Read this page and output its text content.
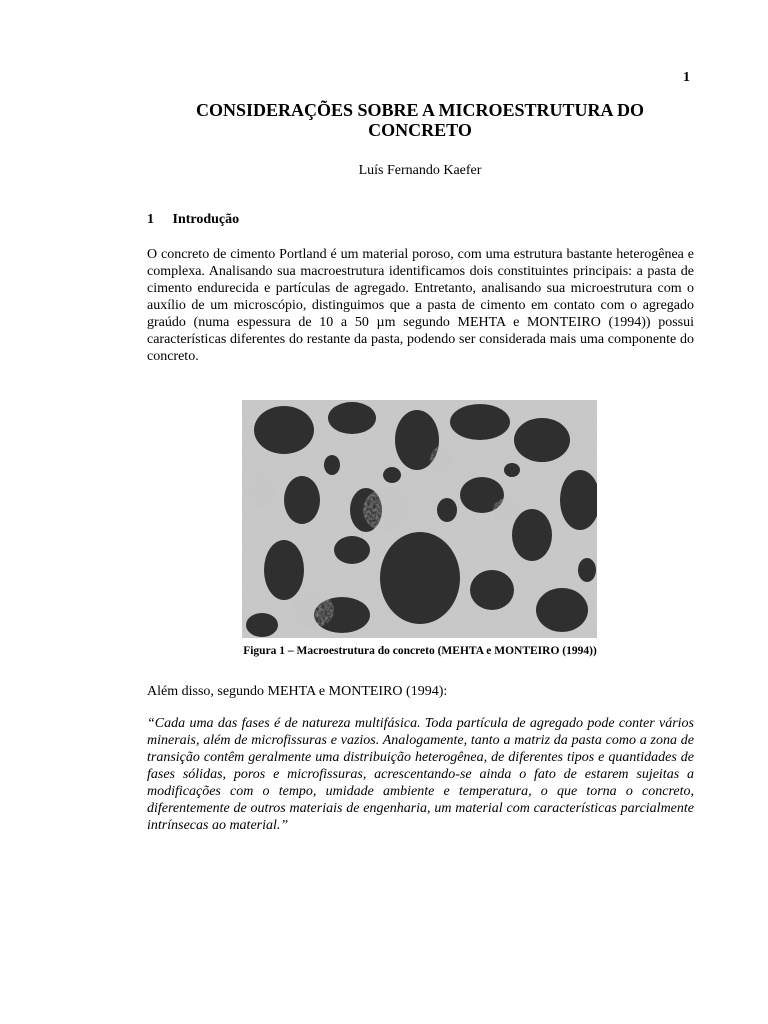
1
CONSIDERAÇÕES SOBRE A MICROESTRUTURA DO CONCRETO
Luís Fernando Kaefer
1 Introdução

O concreto de cimento Portland é um material poroso, com uma estrutura bastante heterogênea e complexa. Analisando sua macroestrutura identificamos dois constituintes principais: a pasta de cimento endurecida e partículas de agregado. Entretanto, analisando sua microestrutura com o auxílio de um microscópio, distinguimos que a pasta de cimento em contato com o agregado graúdo (numa espessura de 10 a 50 µm segundo MEHTA e MONTEIRO (1994)) possui características diferentes do restante da pasta, podendo ser considerada mais uma componente do concreto.

Figura 1 – Macroestrutura do concreto (MEHTA e MONTEIRO (1994))

Além disso, segundo MEHTA e MONTEIRO (1994):

“Cada uma das fases é de natureza multifásica. Toda partícula de agregado pode conter vários minerais, além de microfissuras e vazios. Analogamente, tanto a matriz da pasta como a zona de transição contêm geralmente uma distribuição heterogênea, de diferentes tipos e quantidades de fases sólidas, poros e microfissuras, acrescentando-se ainda o fato de estarem sujeitas a modificações com o tempo, umidade ambiente e temperatura, o que torna o concreto, diferentemente de outros materiais de engenharia, um material com características parcialmente intrínsecas ao material.”
